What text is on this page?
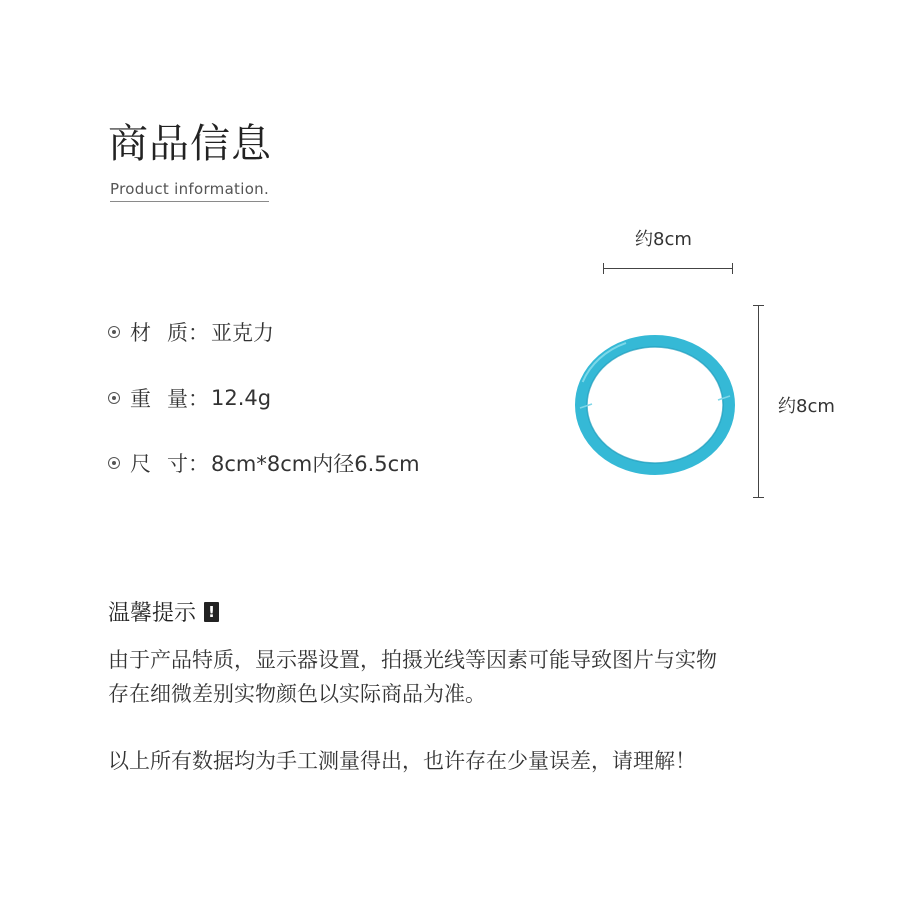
商品信息
Product information.
材 质 ： 亚克力
重 量 ： 12.4g
尺 寸 ： 8cm*8cm内径6.5cm
约8cm
约8cm
温馨提示 !

由于产品特质，显示器设置，拍摄光线等因素可能导致图片与实物
存在细微差别实物颜色以实际商品为准。

以上所有数据均为手工测量得出，也许存在少量误差，请理解！
